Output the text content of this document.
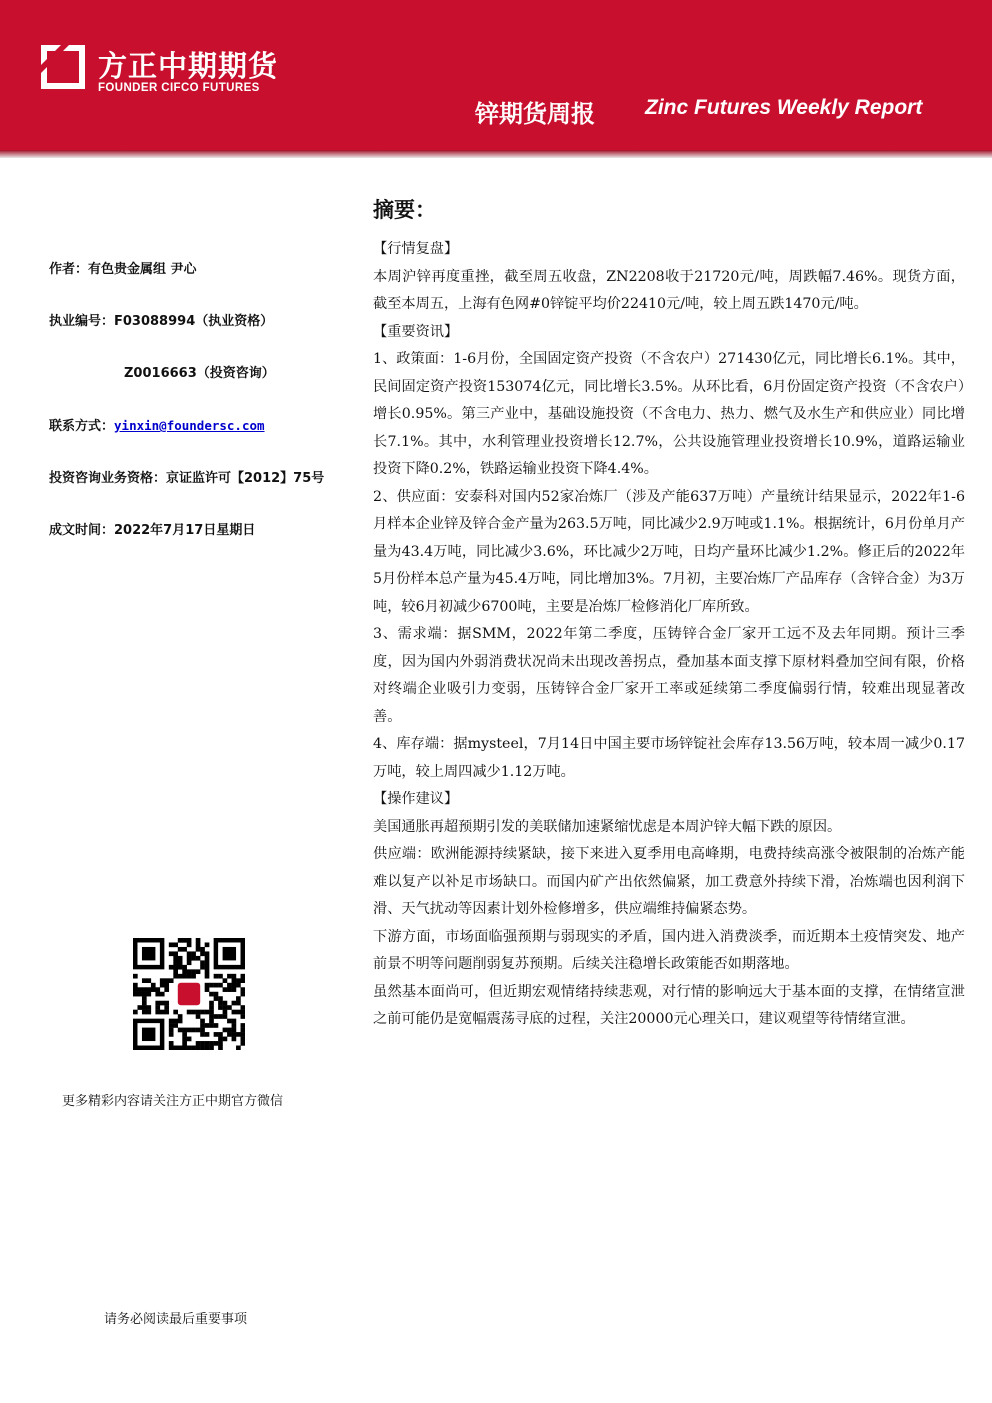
方正中期期货
FOUNDER CIFCO FUTURES
锌期货周报 Zinc Futures Weekly Report
作者：有色贵金属组 尹心
执业编号：F03088994（执业资格）
Z0016663（投资咨询）
联系方式：yinxin@foundersc.com
投资咨询业务资格：京证监许可【2012】75号
成文时间：2022年7月17日星期日
更多精彩内容请关注方正中期官方微信
请务必阅读最后重要事项
摘要：
【行情复盘】

本周沪锌再度重挫，截至周五收盘，ZN2208收于21720元/吨，周跌幅7.46%。现货方面，截至本周五，上海有色网#0锌锭平均价22410元/吨，较上周五跌1470元/吨。

【重要资讯】

1、政策面：1-6月份，全国固定资产投资（不含农户）271430亿元，同比增长6.1%。其中，民间固定资产投资153074亿元，同比增长3.5%。从环比看，6月份固定资产投资（不含农户）增长0.95%。第三产业中，基础设施投资（不含电力、热力、燃气及水生产和供应业）同比增长7.1%。其中，水利管理业投资增长12.7%，公共设施管理业投资增长10.9%，道路运输业投资下降0.2%，铁路运输业投资下降4.4%。

2、供应面：安泰科对国内52家冶炼厂（涉及产能637万吨）产量统计结果显示，2022年1-6月样本企业锌及锌合金产量为263.5万吨，同比减少2.9万吨或1.1%。根据统计，6月份单月产量为43.4万吨，同比减少3.6%，环比减少2万吨，日均产量环比减少1.2%。修正后的2022年5月份样本总产量为45.4万吨，同比增加3%。7月初，主要冶炼厂产品库存（含锌合金）为3万吨，较6月初减少6700吨，主要是冶炼厂检修消化厂库所致。

3、需求端：据SMM，2022年第二季度，压铸锌合金厂家开工远不及去年同期。预计三季度，因为国内外弱消费状况尚未出现改善拐点，叠加基本面支撑下原材料叠加空间有限，价格对终端企业吸引力变弱，压铸锌合金厂家开工率或延续第二季度偏弱行情，较难出现显著改善。

4、库存端：据mysteel，7月14日中国主要市场锌锭社会库存13.56万吨，较本周一减少0.17万吨，较上周四减少1.12万吨。

【操作建议】

美国通胀再超预期引发的美联储加速紧缩忧虑是本周沪锌大幅下跌的原因。

供应端：欧洲能源持续紧缺，接下来进入夏季用电高峰期，电费持续高涨令被限制的冶炼产能难以复产以补足市场缺口。而国内矿产出依然偏紧，加工费意外持续下滑，冶炼端也因利润下滑、天气扰动等因素计划外检修增多，供应端维持偏紧态势。

下游方面，市场面临强预期与弱现实的矛盾，国内进入消费淡季，而近期本土疫情突发、地产前景不明等问题削弱复苏预期。后续关注稳增长政策能否如期落地。

虽然基本面尚可，但近期宏观情绪持续悲观，对行情的影响远大于基本面的支撑，在情绪宣泄之前可能仍是宽幅震荡寻底的过程，关注20000元心理关口，建议观望等待情绪宣泄。
